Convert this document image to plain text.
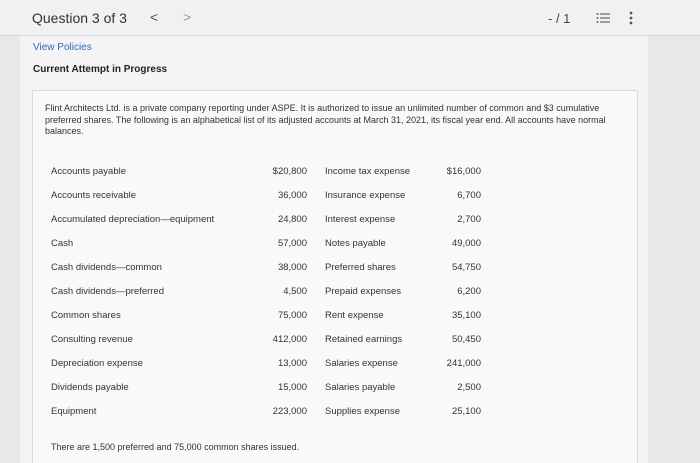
Question 3 of 3 < >	- / 1
View Policies
Current Attempt in Progress

Flint Architects Ltd. is a private company reporting under ASPE. It is authorized to issue an unlimited number of common and $3 cumulative preferred shares. The following is an alphabetical list of its adjusted accounts at March 31, 2021, its fiscal year end. All accounts have normal balances.

Accounts payable	$20,800		Income tax expense	$16,000
Accounts receivable	36,000		Insurance expense	6,700
Accumulated depreciation—equipment	24,800		Interest expense	2,700
Cash	57,000		Notes payable	49,000
Cash dividends—common	38,000		Preferred shares	54,750
Cash dividends—preferred	4,500		Prepaid expenses	6,200
Common shares	75,000		Rent expense	35,100
Consulting revenue	412,000		Retained earnings	50,450
Depreciation expense	13,000		Salaries expense	241,000
Dividends payable	15,000		Salaries payable	2,500
Equipment	223,000		Supplies expense	25,100
There are 1,500 preferred and 75,000 common shares issued.
